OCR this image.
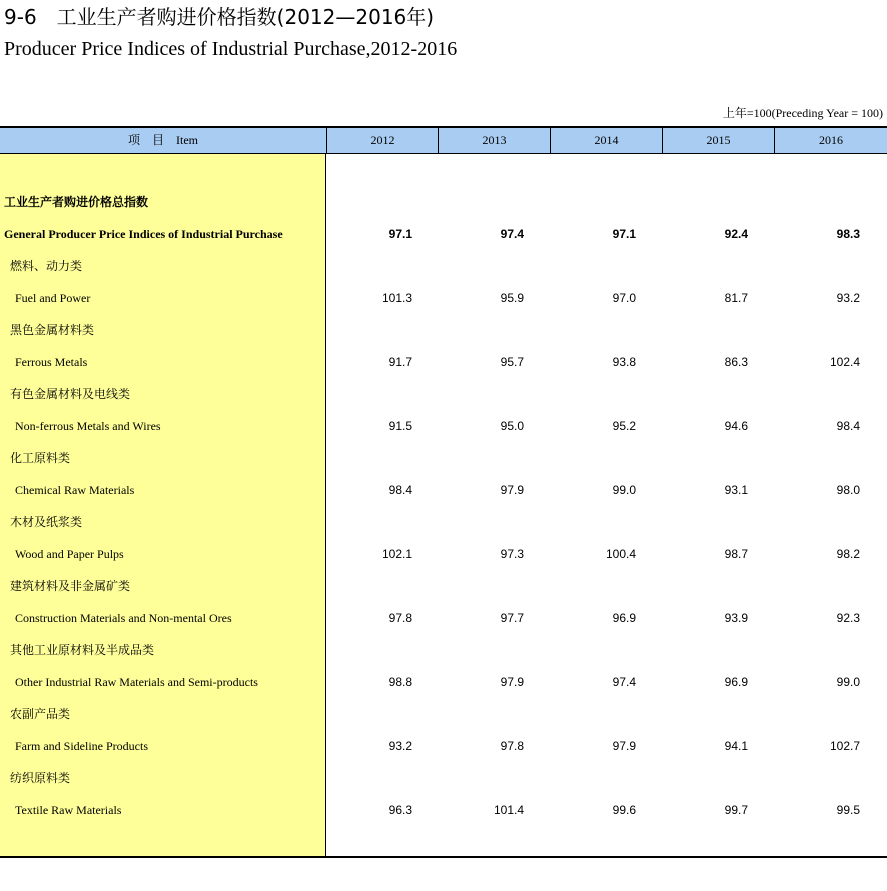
9-6　工业生产者购进价格指数(2012—2016年)
Producer Price Indices of Industrial Purchase,2012-2016
上年=100(Preceding Year = 100)
项　目 Item	2012	2013	2014	2015	2016
工业生产者购进价格总指数
General Producer Price Indices of Industrial Purchase	97.1	97.4	97.1	92.4	98.3
燃料、动力类
Fuel and Power	101.3	95.9	97.0	81.7	93.2
黑色金属材料类
Ferrous Metals	91.7	95.7	93.8	86.3	102.4
有色金属材料及电线类
Non-ferrous Metals and Wires	91.5	95.0	95.2	94.6	98.4
化工原料类
Chemical Raw Materials	98.4	97.9	99.0	93.1	98.0
木材及纸浆类
Wood and Paper Pulps	102.1	97.3	100.4	98.7	98.2
建筑材料及非金属矿类
Construction Materials and Non-mental Ores	97.8	97.7	96.9	93.9	92.3
其他工业原材料及半成品类
Other Industrial Raw Materials and Semi-products	98.8	97.9	97.4	96.9	99.0
农副产品类
Farm and Sideline Products	93.2	97.8	97.9	94.1	102.7
纺织原料类
Textile Raw Materials	96.3	101.4	99.6	99.7	99.5
